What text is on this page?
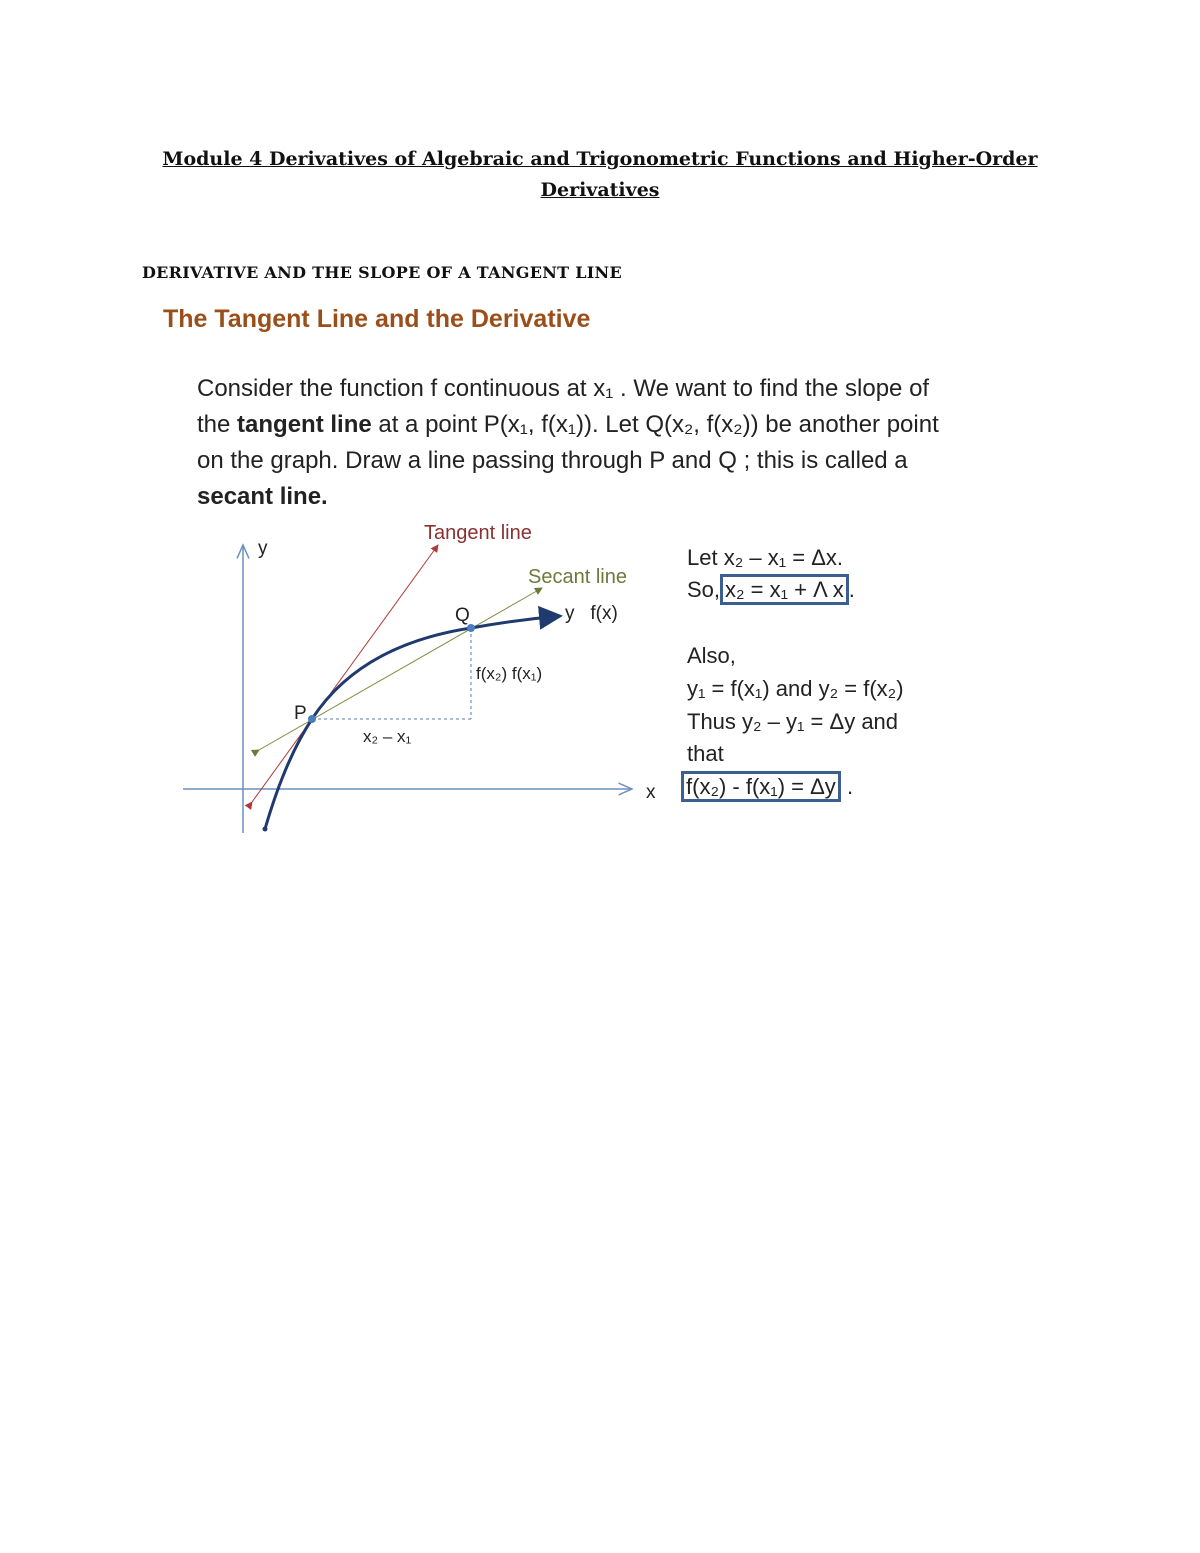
Module 4 Derivatives of Algebraic and Trigonometric Functions and Higher-Order
Derivatives
DERIVATIVE AND THE SLOPE OF A TANGENT LINE
The Tangent Line and the Derivative
Consider the function f continuous at x₁ . We want to find the slope of the tangent line at a point P(x₁, f(x₁)). Let Q(x₂, f(x₂)) be another point on the graph. Draw a line passing through P and Q ; this is called a secant line.
y
x
Tangent line
Secant line
Q
P
y   f(x)
f(x₂) f(x₁)
x₂ – x₁
Let x₂ – x₁ = Δx.
So, x₂ = x₁ + Λ x .
Also,
y₁ = f(x₁) and y₂ = f(x₂)
Thus y₂ – y₁ = Δy and
that
f(x₂) - f(x₁) = Δy .
